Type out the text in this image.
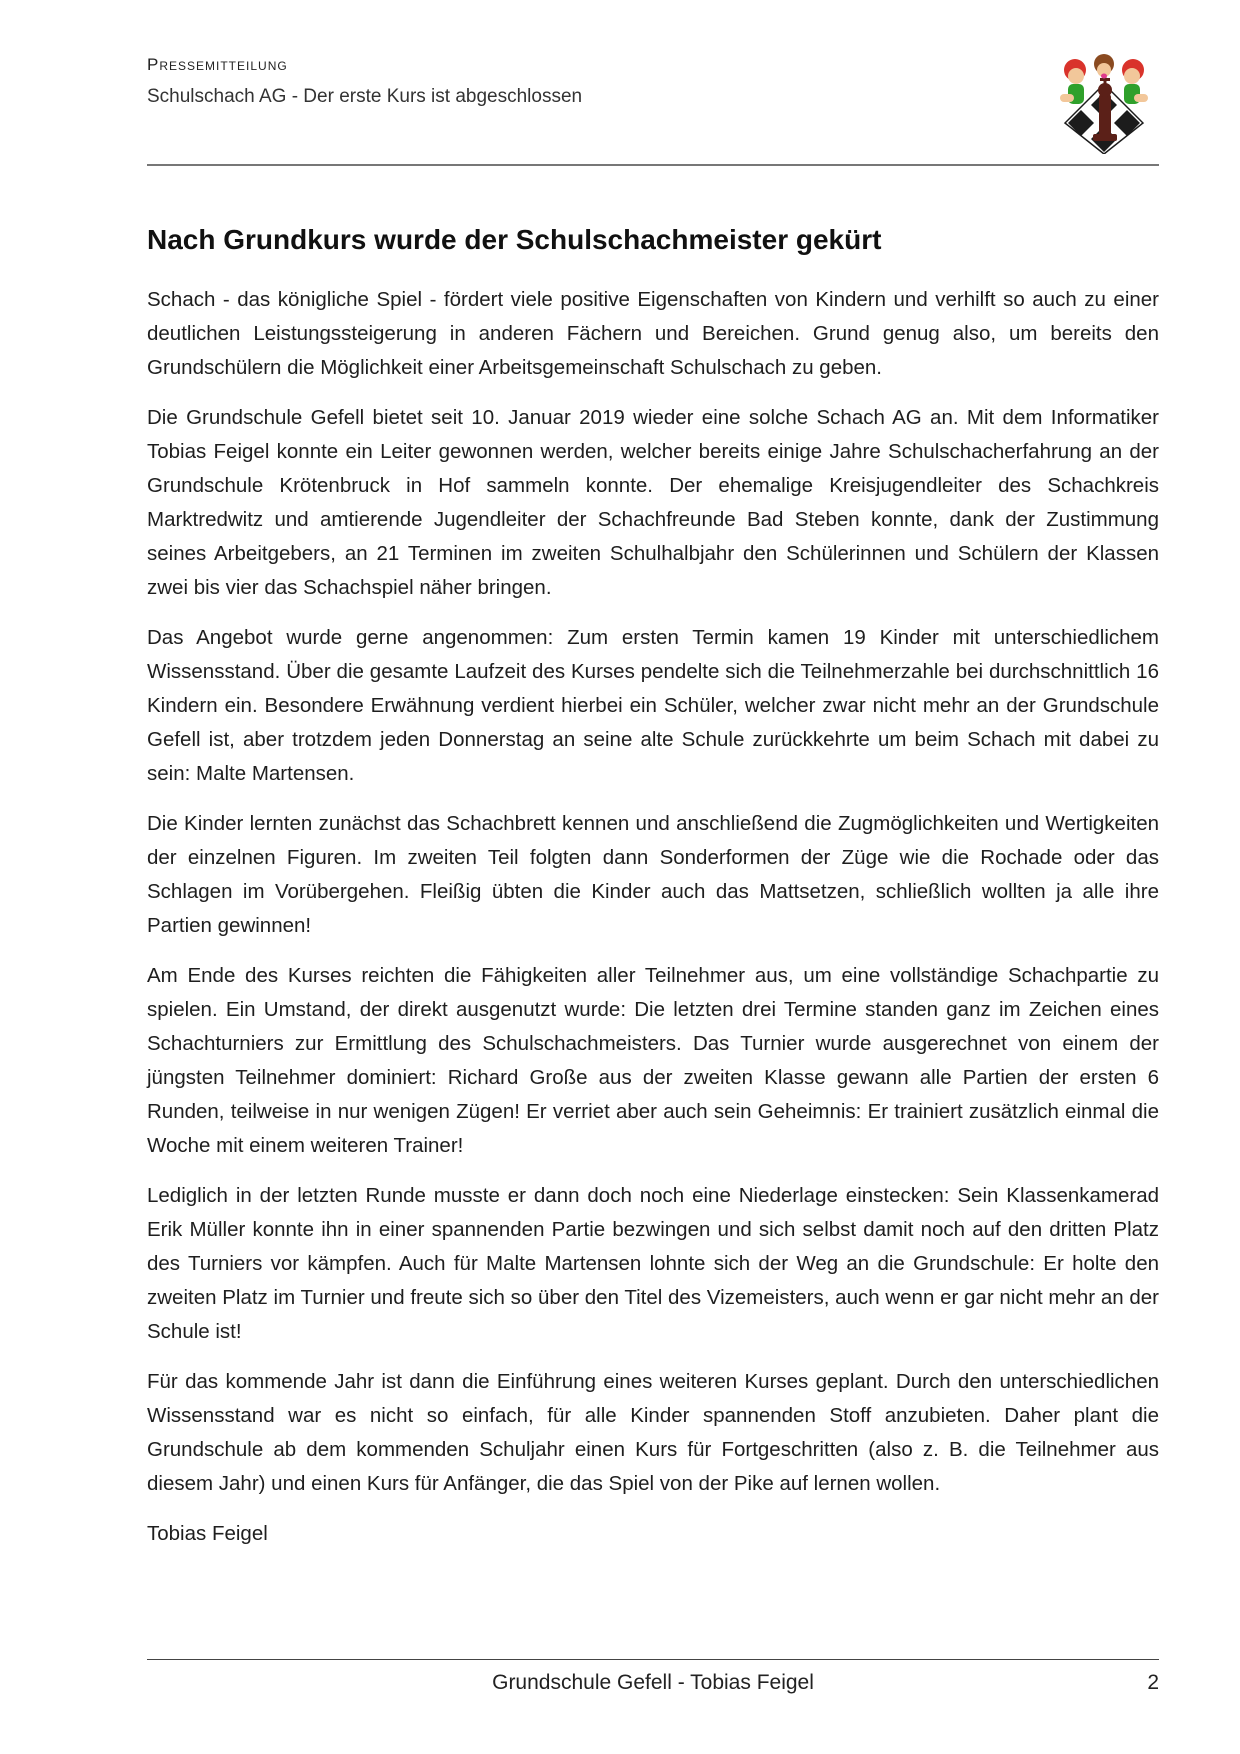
Pressemitteilung
Schulschach AG - Der erste Kurs ist abgeschlossen
Nach Grundkurs wurde der Schulschachmeister gekürt

Schach - das königliche Spiel - fördert viele positive Eigenschaften von Kindern und verhilft so auch zu einer deutlichen Leistungssteigerung in anderen Fächern und Bereichen. Grund genug also, um bereits den Grundschülern die Möglichkeit einer Arbeitsgemeinschaft Schulschach zu geben.

Die Grundschule Gefell bietet seit 10. Januar 2019 wieder eine solche Schach AG an. Mit dem Informatiker Tobias Feigel konnte ein Leiter gewonnen werden, welcher bereits einige Jahre Schulschacherfahrung an der Grundschule Krötenbruck in Hof sammeln konnte. Der ehemalige Kreisjugendleiter des Schachkreis Marktredwitz und amtierende Jugendleiter der Schachfreunde Bad Steben konnte, dank der Zustimmung seines Arbeitgebers, an 21 Terminen im zweiten Schulhalbjahr den Schülerinnen und Schülern der Klassen zwei bis vier das Schachspiel näher bringen.

Das Angebot wurde gerne angenommen: Zum ersten Termin kamen 19 Kinder mit unterschiedlichem Wissensstand. Über die gesamte Laufzeit des Kurses pendelte sich die Teilnehmerzahle bei durchschnittlich 16 Kindern ein. Besondere Erwähnung verdient hierbei ein Schüler, welcher zwar nicht mehr an der Grundschule Gefell ist, aber trotzdem jeden Donnerstag an seine alte Schule zurückkehrte um beim Schach mit dabei zu sein: Malte Martensen.

Die Kinder lernten zunächst das Schachbrett kennen und anschließend die Zugmöglichkeiten und Wertigkeiten der einzelnen Figuren. Im zweiten Teil folgten dann Sonderformen der Züge wie die Rochade oder das Schlagen im Vorübergehen. Fleißig übten die Kinder auch das Mattsetzen, schließlich wollten ja alle ihre Partien gewinnen!

Am Ende des Kurses reichten die Fähigkeiten aller Teilnehmer aus, um eine vollständige Schachpartie zu spielen. Ein Umstand, der direkt ausgenutzt wurde: Die letzten drei Termine standen ganz im Zeichen eines Schachturniers zur Ermittlung des Schulschachmeisters. Das Turnier wurde ausgerechnet von einem der jüngsten Teilnehmer dominiert: Richard Große aus der zweiten Klasse gewann alle Partien der ersten 6 Runden, teilweise in nur wenigen Zügen! Er verriet aber auch sein Geheimnis: Er trainiert zusätzlich einmal die Woche mit einem weiteren Trainer!

Lediglich in der letzten Runde musste er dann doch noch eine Niederlage einstecken: Sein Klassenkamerad Erik Müller konnte ihn in einer spannenden Partie bezwingen und sich selbst damit noch auf den dritten Platz des Turniers vor kämpfen. Auch für Malte Martensen lohnte sich der Weg an die Grundschule: Er holte den zweiten Platz im Turnier und freute sich so über den Titel des Vizemeisters, auch wenn er gar nicht mehr an der Schule ist!

Für das kommende Jahr ist dann die Einführung eines weiteren Kurses geplant. Durch den unterschiedlichen Wissensstand war es nicht so einfach, für alle Kinder spannenden Stoff anzubieten. Daher plant die Grundschule ab dem kommenden Schuljahr einen Kurs für Fortgeschritten (also z. B. die Teilnehmer aus diesem Jahr) und einen Kurs für Anfänger, die das Spiel von der Pike auf lernen wollen.

Tobias Feigel
Grundschule Gefell - Tobias Feigel	2
